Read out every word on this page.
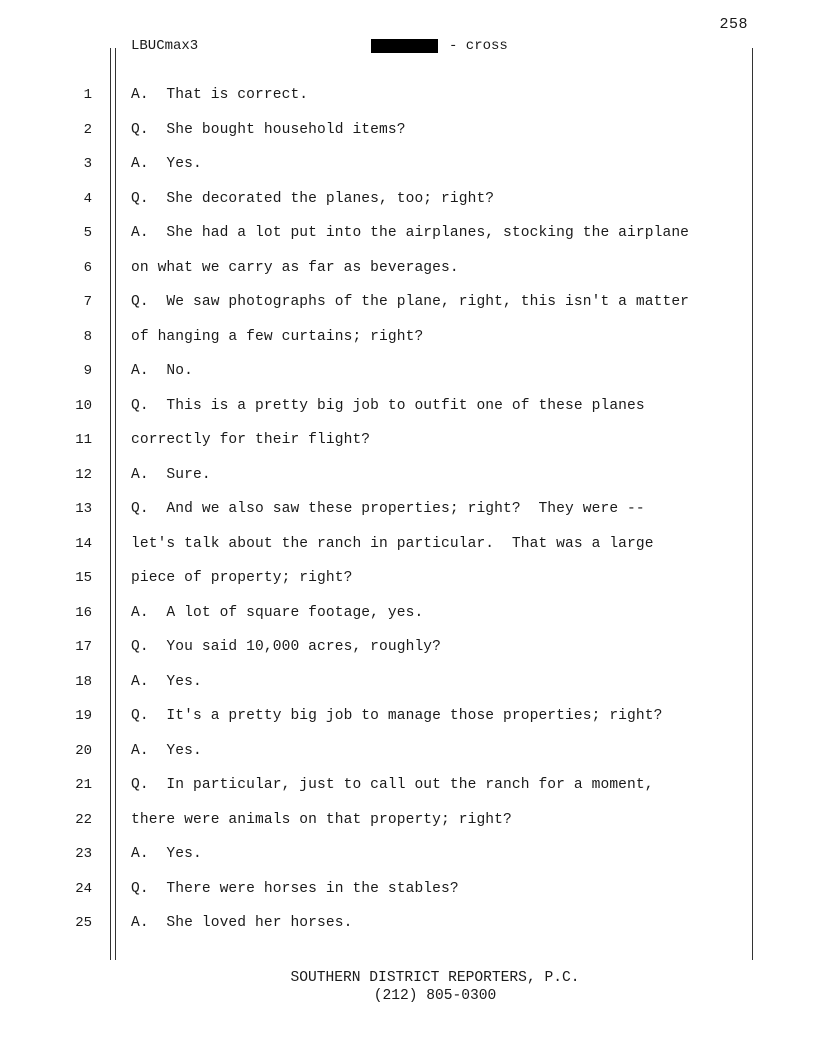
258
LBUCmax3	- cross
1	A.  That is correct.
2	Q.  She bought household items?
3	A.  Yes.
4	Q.  She decorated the planes, too; right?
5	A.  She had a lot put into the airplanes, stocking the airplane
6	on what we carry as far as beverages.
7	Q.  We saw photographs of the plane, right, this isn't a matter
8	of hanging a few curtains; right?
9	A.  No.
10	Q.  This is a pretty big job to outfit one of these planes
11	correctly for their flight?
12	A.  Sure.
13	Q.  And we also saw these properties; right?  They were --
14	let's talk about the ranch in particular.  That was a large
15	piece of property; right?
16	A.  A lot of square footage, yes.
17	Q.  You said 10,000 acres, roughly?
18	A.  Yes.
19	Q.  It's a pretty big job to manage those properties; right?
20	A.  Yes.
21	Q.  In particular, just to call out the ranch for a moment,
22	there were animals on that property; right?
23	A.  Yes.
24	Q.  There were horses in the stables?
25	A.  She loved her horses.
SOUTHERN DISTRICT REPORTERS, P.C.
(212) 805-0300
